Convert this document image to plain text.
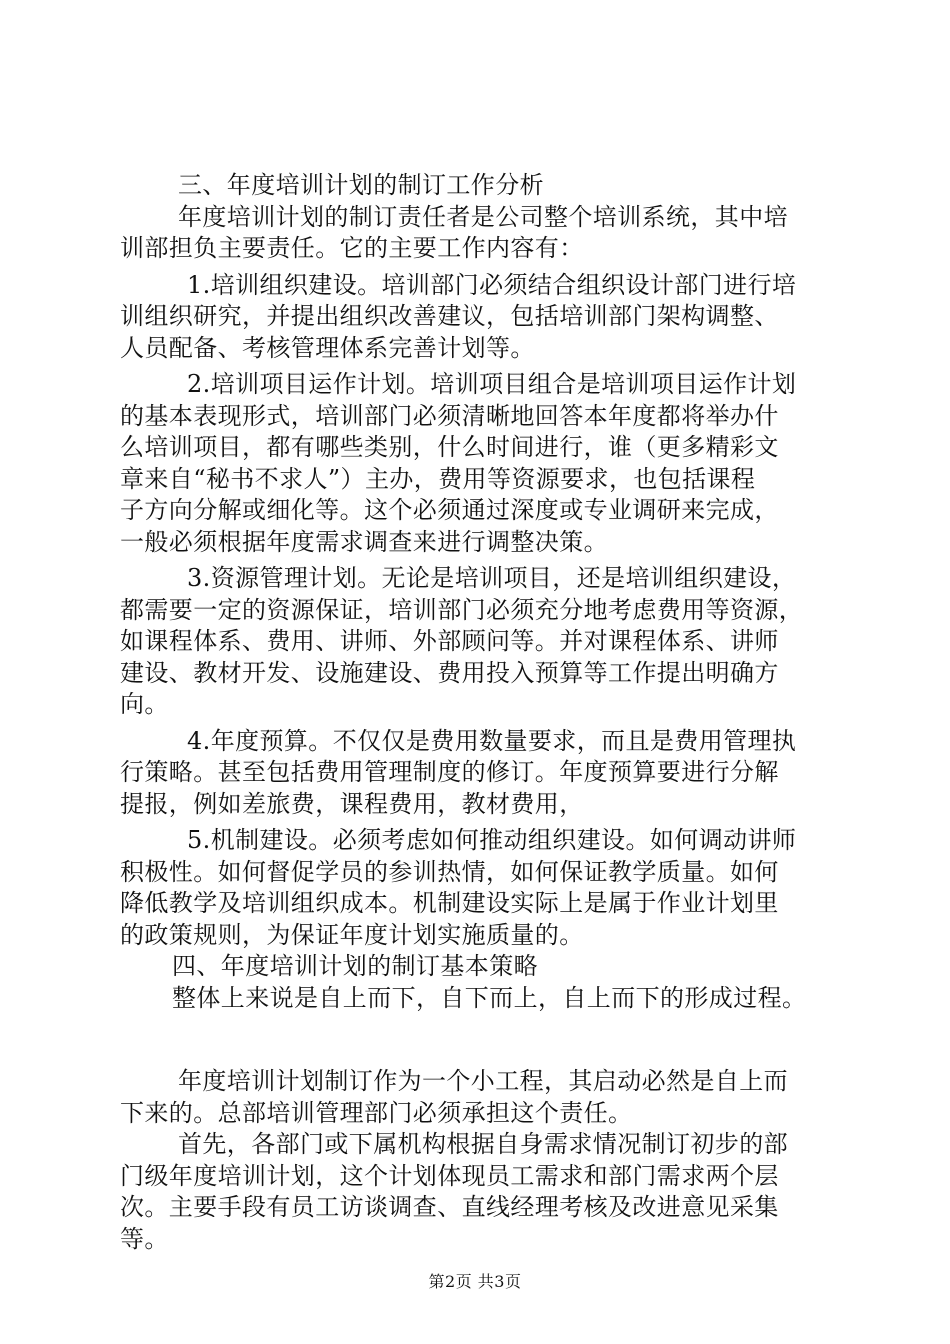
三、年度培训计划的制订工作分析
年度培训计划的制订责任者是公司整个培训系统，其中培
训部担负主要责任。它的主要工作内容有：
1.培训组织建设。培训部门必须结合组织设计部门进行培
训组织研究，并提出组织改善建议，包括培训部门架构调整、
人员配备、考核管理体系完善计划等。
2.培训项目运作计划。培训项目组合是培训项目运作计划
的基本表现形式，培训部门必须清晰地回答本年度都将举办什
么培训项目，都有哪些类别，什么时间进行，谁（更多精彩文
章来自“秘书不求人”）主办，费用等资源要求，也包括课程
子方向分解或细化等。这个必须通过深度或专业调研来完成，
一般必须根据年度需求调查来进行调整决策。
3.资源管理计划。无论是培训项目，还是培训组织建设，
都需要一定的资源保证，培训部门必须充分地考虑费用等资源，
如课程体系、费用、讲师、外部顾问等。并对课程体系、讲师
建设、教材开发、设施建设、费用投入预算等工作提出明确方
向。
4.年度预算。不仅仅是费用数量要求，而且是费用管理执
行策略。甚至包括费用管理制度的修订。年度预算要进行分解
提报，例如差旅费，课程费用，教材费用，
5.机制建设。必须考虑如何推动组织建设。如何调动讲师
积极性。如何督促学员的参训热情，如何保证教学质量。如何
降低教学及培训组织成本。机制建设实际上是属于作业计划里
的政策规则，为保证年度计划实施质量的。
四、年度培训计划的制订基本策略
整体上来说是自上而下，自下而上，自上而下的形成过程。
年度培训计划制订作为一个小工程，其启动必然是自上而
下来的。总部培训管理部门必须承担这个责任。
首先，各部门或下属机构根据自身需求情况制订初步的部
门级年度培训计划，这个计划体现员工需求和部门需求两个层
次。主要手段有员工访谈调查、直线经理考核及改进意见采集
等。
第2页 共3页
